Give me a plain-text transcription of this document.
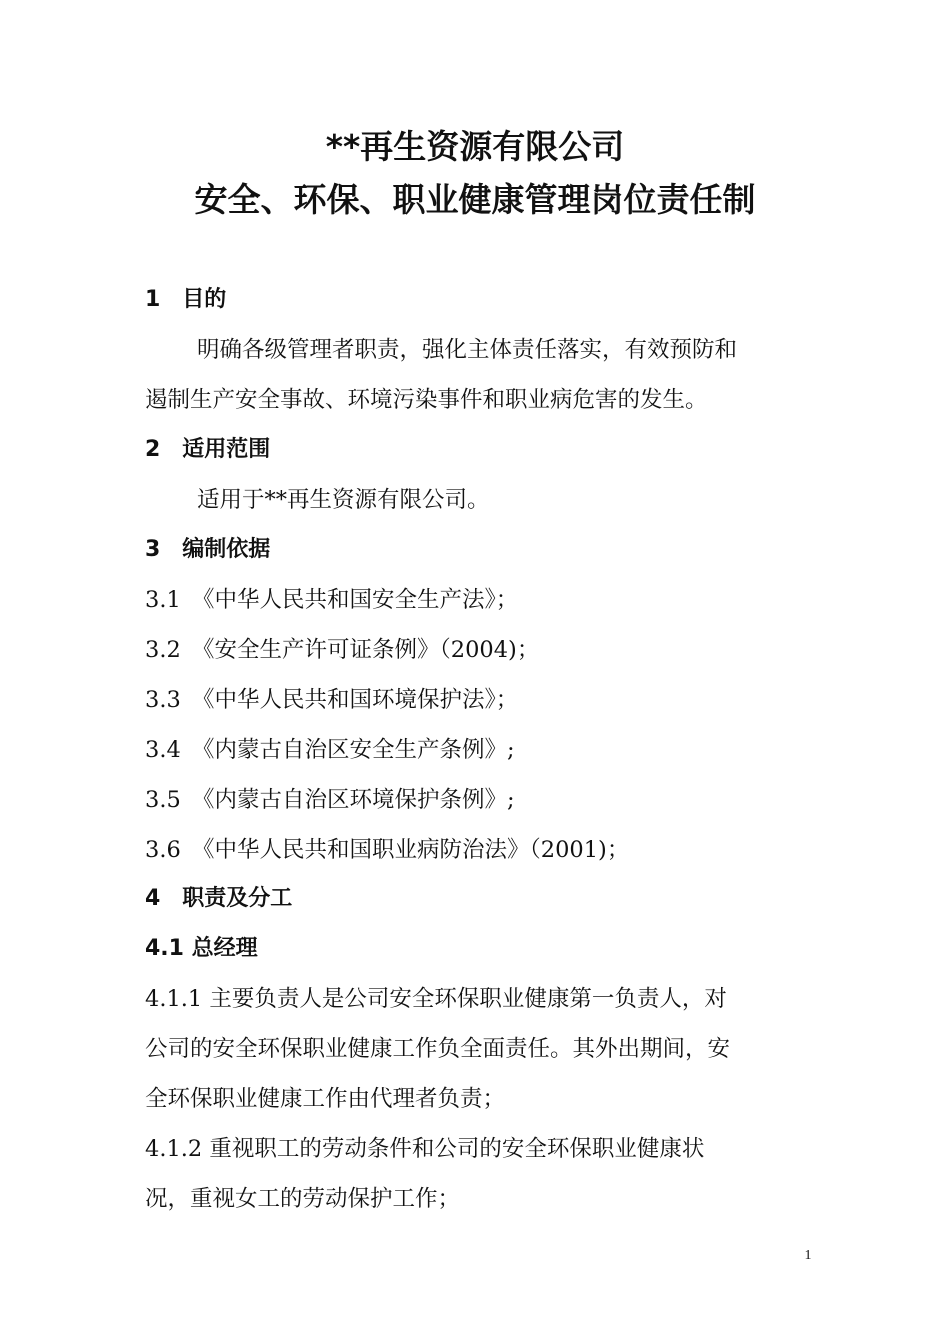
**再生资源有限公司
安全、环保、职业健康管理岗位责任制
1　目的
明确各级管理者职责，强化主体责任落实，有效预防和
遏制生产安全事故、环境污染事件和职业病危害的发生。
2　适用范围
适用于**再生资源有限公司。
3　编制依据
3.1　《中华人民共和国安全生产法》；
3.2　《安全生产许可证条例》（2004)；
3.3　《中华人民共和国环境保护法》；
3.4　《内蒙古自治区安全生产条例》;
3.5　《内蒙古自治区环境保护条例》;
3.6　《中华人民共和国职业病防治法》（2001)；
4　职责及分工
4.1 总经理
4.1.1 主要负责人是公司安全环保职业健康第一负责人，对
公司的安全环保职业健康工作负全面责任。其外出期间，安
全环保职业健康工作由代理者负责；
4.1.2 重视职工的劳动条件和公司的安全环保职业健康状
况，重视女工的劳动保护工作；
1
